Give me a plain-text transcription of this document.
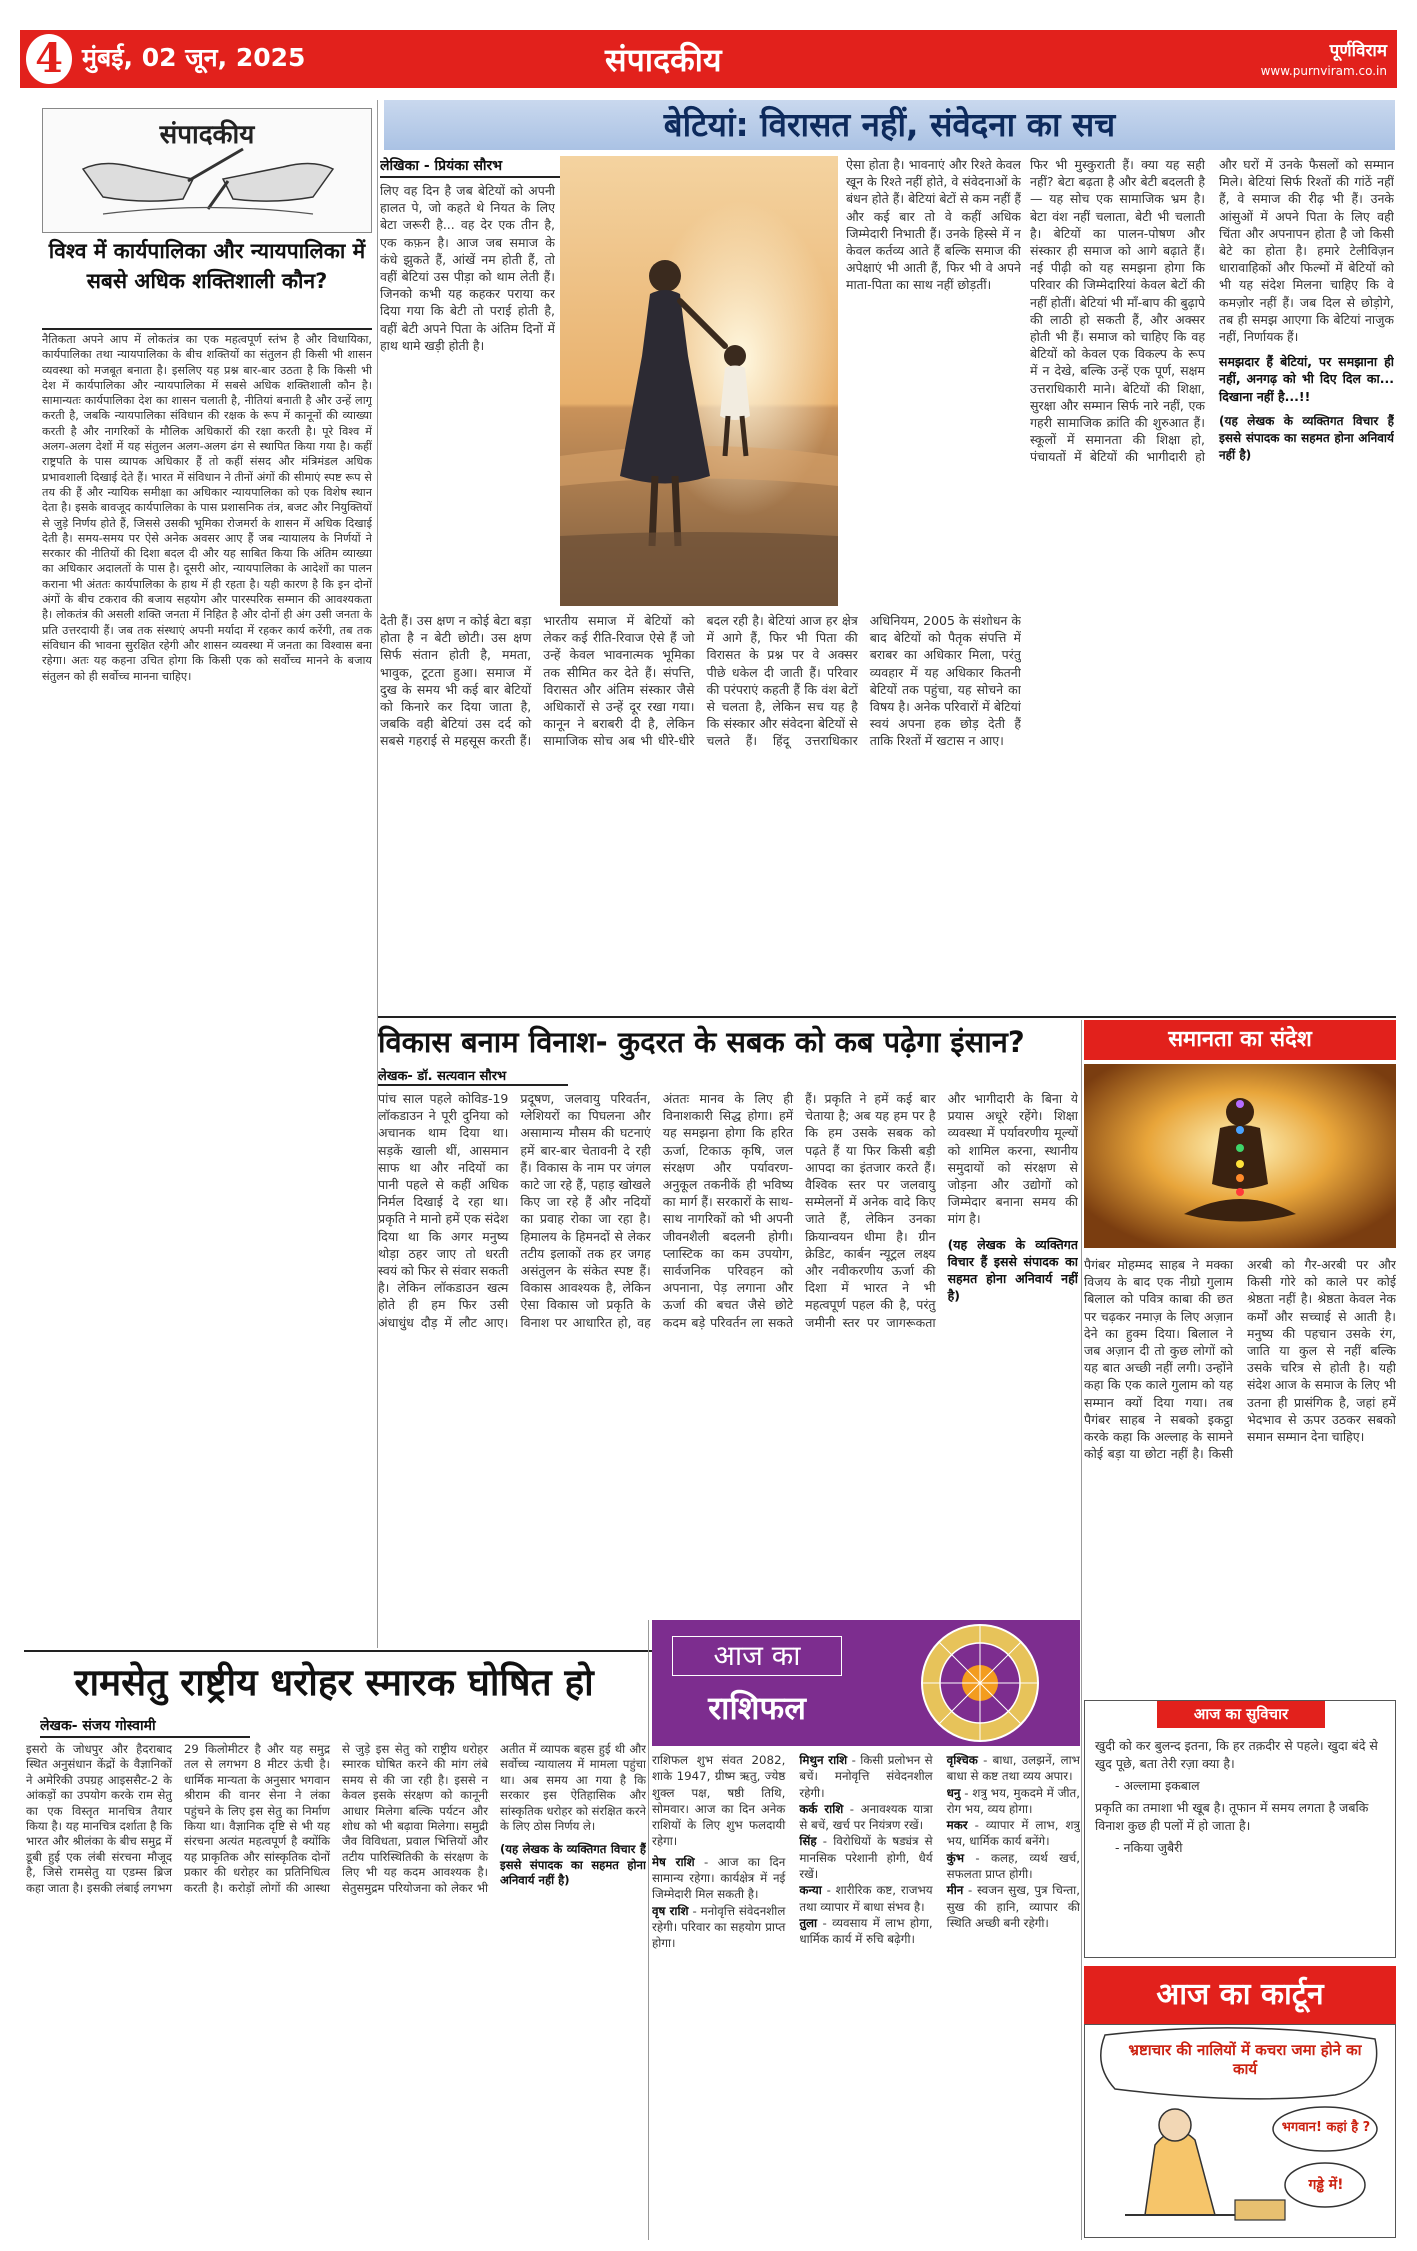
4 मुंबई, 02 जून, 2025	संपादकीय	पूर्णविराम
www.purnviram.co.in
संपादकीय
विश्व में कार्यपालिका और न्यायपालिका में सबसे अधिक शक्तिशाली कौन?
नैतिकता अपने आप में लोकतंत्र का एक महत्वपूर्ण स्तंभ है और विधायिका, कार्यपालिका तथा न्यायपालिका के बीच शक्तियों का संतुलन ही किसी भी शासन व्यवस्था को मजबूत बनाता है। इसलिए यह प्रश्न बार-बार उठता है कि किसी भी देश में कार्यपालिका और न्यायपालिका में सबसे अधिक शक्तिशाली कौन है। सामान्यतः कार्यपालिका देश का शासन चलाती है, नीतियां बनाती है और उन्हें लागू करती है, जबकि न्यायपालिका संविधान की रक्षक के रूप में कानूनों की व्याख्या करती है और नागरिकों के मौलिक अधिकारों की रक्षा करती है। पूरे विश्व में अलग-अलग देशों में यह संतुलन अलग-अलग ढंग से स्थापित किया गया है। कहीं राष्ट्रपति के पास व्यापक अधिकार हैं तो कहीं संसद और मंत्रिमंडल अधिक प्रभावशाली दिखाई देते हैं। भारत में संविधान ने तीनों अंगों की सीमाएं स्पष्ट रूप से तय की हैं और न्यायिक समीक्षा का अधिकार न्यायपालिका को एक विशेष स्थान देता है। इसके बावजूद कार्यपालिका के पास प्रशासनिक तंत्र, बजट और नियुक्तियों से जुड़े निर्णय होते हैं, जिससे उसकी भूमिका रोजमर्रा के शासन में अधिक दिखाई देती है। समय-समय पर ऐसे अनेक अवसर आए हैं जब न्यायालय के निर्णयों ने सरकार की नीतियों की दिशा बदल दी और यह साबित किया कि अंतिम व्याख्या का अधिकार अदालतों के पास है। दूसरी ओर, न्यायपालिका के आदेशों का पालन कराना भी अंततः कार्यपालिका के हाथ में ही रहता है। यही कारण है कि इन दोनों अंगों के बीच टकराव की बजाय सहयोग और पारस्परिक सम्मान की आवश्यकता है। लोकतंत्र की असली शक्ति जनता में निहित है और दोनों ही अंग उसी जनता के प्रति उत्तरदायी हैं। जब तक संस्थाएं अपनी मर्यादा में रहकर कार्य करेंगी, तब तक संविधान की भावना सुरक्षित रहेगी और शासन व्यवस्था में जनता का विश्वास बना रहेगा। अतः यह कहना उचित होगा कि किसी एक को सर्वोच्च मानने के बजाय संतुलन को ही सर्वोच्च मानना चाहिए।
बेटियां: विरासत नहीं, संवेदना का सच
लेखिका - प्रियंका सौरभ
लिए वह दिन है जब बेटियों को अपनी हालत पे, जो कहते थे नियत के लिए बेटा जरूरी है... वह देर एक तीन है, एक कफ़न है। आज जब समाज के कंधे झुकते हैं, आंखें नम होती हैं, तो वहीं बेटियां उस पीड़ा को थाम लेती हैं। जिनको कभी यह कहकर पराया कर दिया गया कि बेटी तो पराई होती है, वहीं बेटी अपने पिता के अंतिम दिनों में हाथ थामे खड़ी होती है।
ऐसा होता है। भावनाएं और रिश्ते केवल खून के रिश्ते नहीं होते, वे संवेदनाओं के बंधन होते हैं। बेटियां बेटों से कम नहीं हैं और कई बार तो वे कहीं अधिक जिम्मेदारी निभाती हैं। उनके हिस्से में न केवल कर्तव्य आते हैं बल्कि समाज की अपेक्षाएं भी आती हैं, फिर भी वे अपने माता-पिता का साथ नहीं छोड़तीं।
देती हैं। उस क्षण न कोई बेटा बड़ा होता है न बेटी छोटी। उस क्षण सिर्फ संतान होती है, ममता, भावुक, टूटता हुआ। समाज में दुख के समय भी कई बार बेटियों को किनारे कर दिया जाता है, जबकि वही बेटियां उस दर्द को सबसे गहराई से महसूस करती हैं। भारतीय समाज में बेटियों को लेकर कई रीति-रिवाज ऐसे हैं जो उन्हें केवल भावनात्मक भूमिका तक सीमित कर देते हैं। संपत्ति, विरासत और अंतिम संस्कार जैसे अधिकारों से उन्हें दूर रखा गया। कानून ने बराबरी दी है, लेकिन सामाजिक सोच अब भी धीरे-धीरे बदल रही है। बेटियां आज हर क्षेत्र में आगे हैं, फिर भी पिता की विरासत के प्रश्न पर वे अक्सर पीछे धकेल दी जाती हैं। परिवार की परंपराएं कहती हैं कि वंश बेटों से चलता है, लेकिन सच यह है कि संस्कार और संवेदना बेटियों से चलते हैं। हिंदू उत्तराधिकार अधिनियम, 2005 के संशोधन के बाद बेटियों को पैतृक संपत्ति में बराबर का अधिकार मिला, परंतु व्यवहार में यह अधिकार कितनी बेटियों तक पहुंचा, यह सोचने का विषय है। अनेक परिवारों में बेटियां स्वयं अपना हक छोड़ देती हैं ताकि रिश्तों में खटास न आए।
फिर भी मुस्कुराती हैं। क्या यह सही नहीं? बेटा बढ़ता है और बेटी बदलती है — यह सोच एक सामाजिक भ्रम है। बेटा वंश नहीं चलाता, बेटी भी चलाती है। बेटियों का पालन-पोषण और संस्कार ही समाज को आगे बढ़ाते हैं। नई पीढ़ी को यह समझना होगा कि परिवार की जिम्मेदारियां केवल बेटों की नहीं होतीं। बेटियां भी माँ-बाप की बुढ़ापे की लाठी हो सकती हैं, और अक्सर होती भी हैं। समाज को चाहिए कि वह बेटियों को केवल एक विकल्प के रूप में न देखे, बल्कि उन्हें एक पूर्ण, सक्षम उत्तराधिकारी माने। बेटियों की शिक्षा, सुरक्षा और सम्मान सिर्फ नारे नहीं, एक गहरी सामाजिक क्रांति की शुरुआत हैं। स्कूलों में समानता की शिक्षा हो, पंचायतों में बेटियों की भागीदारी हो और घरों में उनके फैसलों को सम्मान मिले। बेटियां सिर्फ रिश्तों की गांठें नहीं हैं, वे समाज की रीढ़ भी हैं। उनके आंसुओं में अपने पिता के लिए वही चिंता और अपनापन होता है जो किसी बेटे का होता है। हमारे टेलीविज़न धारावाहिकों और फिल्मों में बेटियों को भी यह संदेश मिलना चाहिए कि वे कमज़ोर नहीं हैं। जब दिल से छोड़ोगे, तब ही समझ आएगा कि बेटियां नाजुक नहीं, निर्णायक हैं।
समझदार हैं बेटियां, पर समझाना ही नहीं, अनगढ़ को भी दिए दिल का... दिखाना नहीं है...!!
(यह लेखक के व्यक्तिगत विचार हैं इससे संपादक का सहमत होना अनिवार्य नहीं है)
विकास बनाम विनाश- कुदरत के सबक को कब पढ़ेगा इंसान?
लेखक- डॉ. सत्यवान सौरभ
पांच साल पहले कोविड-19 लॉकडाउन ने पूरी दुनिया को अचानक थाम दिया था। सड़कें खाली थीं, आसमान साफ था और नदियों का पानी पहले से कहीं अधिक निर्मल दिखाई दे रहा था। प्रकृति ने मानो हमें एक संदेश दिया था कि अगर मनुष्य थोड़ा ठहर जाए तो धरती स्वयं को फिर से संवार सकती है। लेकिन लॉकडाउन खत्म होते ही हम फिर उसी अंधाधुंध दौड़ में लौट आए। प्रदूषण, जलवायु परिवर्तन, ग्लेशियरों का पिघलना और असामान्य मौसम की घटनाएं हमें बार-बार चेतावनी दे रही हैं। विकास के नाम पर जंगल काटे जा रहे हैं, पहाड़ खोखले किए जा रहे हैं और नदियों का प्रवाह रोका जा रहा है। हिमालय के हिमनदों से लेकर तटीय इलाकों तक हर जगह असंतुलन के संकेत स्पष्ट हैं। विकास आवश्यक है, लेकिन ऐसा विकास जो प्रकृति के विनाश पर आधारित हो, वह अंततः मानव के लिए ही विनाशकारी सिद्ध होगा। हमें यह समझना होगा कि हरित ऊर्जा, टिकाऊ कृषि, जल संरक्षण और पर्यावरण-अनुकूल तकनीकें ही भविष्य का मार्ग हैं। सरकारों के साथ-साथ नागरिकों को भी अपनी जीवनशैली बदलनी होगी। प्लास्टिक का कम उपयोग, सार्वजनिक परिवहन को अपनाना, पेड़ लगाना और ऊर्जा की बचत जैसे छोटे कदम बड़े परिवर्तन ला सकते हैं। प्रकृति ने हमें कई बार चेताया है; अब यह हम पर है कि हम उसके सबक को पढ़ते हैं या फिर किसी बड़ी आपदा का इंतजार करते हैं। वैश्विक स्तर पर जलवायु सम्मेलनों में अनेक वादे किए जाते हैं, लेकिन उनका क्रियान्वयन धीमा है। ग्रीन क्रेडिट, कार्बन न्यूट्रल लक्ष्य और नवीकरणीय ऊर्जा की दिशा में भारत ने भी महत्वपूर्ण पहल की है, परंतु जमीनी स्तर पर जागरूकता और भागीदारी के बिना ये प्रयास अधूरे रहेंगे। शिक्षा व्यवस्था में पर्यावरणीय मूल्यों को शामिल करना, स्थानीय समुदायों को संरक्षण से जोड़ना और उद्योगों को जिम्मेदार बनाना समय की मांग है।
(यह लेखक के व्यक्तिगत विचार हैं इससे संपादक का सहमत होना अनिवार्य नहीं है)
समानता का संदेश
पैगंबर मोहम्मद साहब ने मक्का विजय के बाद एक नीग्रो गुलाम बिलाल को पवित्र काबा की छत पर चढ़कर नमाज़ के लिए अज़ान देने का हुक्म दिया। बिलाल ने जब अज़ान दी तो कुछ लोगों को यह बात अच्छी नहीं लगी। उन्होंने कहा कि एक काले गुलाम को यह सम्मान क्यों दिया गया। तब पैगंबर साहब ने सबको इकट्ठा करके कहा कि अल्लाह के सामने कोई बड़ा या छोटा नहीं है। किसी अरबी को गैर-अरबी पर और किसी गोरे को काले पर कोई श्रेष्ठता नहीं है। श्रेष्ठता केवल नेक कर्मों और सच्चाई से आती है। मनुष्य की पहचान उसके रंग, जाति या कुल से नहीं बल्कि उसके चरित्र से होती है। यही संदेश आज के समाज के लिए भी उतना ही प्रासंगिक है, जहां हमें भेदभाव से ऊपर उठकर सबको समान सम्मान देना चाहिए।
आज का सुविचार
खुदी को कर बुलन्द इतना, कि हर तक़दीर से पहले। खुदा बंदे से खुद पूछे, बता तेरी रज़ा क्या है।
- अल्लामा इकबाल
प्रकृति का तमाशा भी खूब है। तूफान में समय लगता है जबकि विनाश कुछ ही पलों में हो जाता है।
- नकिया जुबैरी
आज का कार्टून
भ्रष्टाचार की नालियों में कचरा जमा होने का कार्य
भगवान! कहां है ?
गड्ढे में!
रामसेतु राष्ट्रीय धरोहर स्मारक घोषित हो
लेखक- संजय गोस्वामी
इसरो के जोधपुर और हैदराबाद स्थित अनुसंधान केंद्रों के वैज्ञानिकों ने अमेरिकी उपग्रह आइससैट-2 के आंकड़ों का उपयोग करके राम सेतु का एक विस्तृत मानचित्र तैयार किया है। यह मानचित्र दर्शाता है कि भारत और श्रीलंका के बीच समुद्र में डूबी हुई एक लंबी संरचना मौजूद है, जिसे रामसेतु या एडम्स ब्रिज कहा जाता है। इसकी लंबाई लगभग 29 किलोमीटर है और यह समुद्र तल से लगभग 8 मीटर ऊंची है। धार्मिक मान्यता के अनुसार भगवान श्रीराम की वानर सेना ने लंका पहुंचने के लिए इस सेतु का निर्माण किया था। वैज्ञानिक दृष्टि से भी यह संरचना अत्यंत महत्वपूर्ण है क्योंकि यह प्राकृतिक और सांस्कृतिक दोनों प्रकार की धरोहर का प्रतिनिधित्व करती है। करोड़ों लोगों की आस्था से जुड़े इस सेतु को राष्ट्रीय धरोहर स्मारक घोषित करने की मांग लंबे समय से की जा रही है। इससे न केवल इसके संरक्षण को कानूनी आधार मिलेगा बल्कि पर्यटन और शोध को भी बढ़ावा मिलेगा। समुद्री जैव विविधता, प्रवाल भित्तियों और तटीय पारिस्थितिकी के संरक्षण के लिए भी यह कदम आवश्यक है। सेतुसमुद्रम परियोजना को लेकर भी अतीत में व्यापक बहस हुई थी और सर्वोच्च न्यायालय में मामला पहुंचा था। अब समय आ गया है कि सरकार इस ऐतिहासिक और सांस्कृतिक धरोहर को संरक्षित करने के लिए ठोस निर्णय ले।
(यह लेखक के व्यक्तिगत विचार हैं इससे संपादक का सहमत होना अनिवार्य नहीं है)
आज का
राशिफल
राशिफल शुभ संवत 2082, शाके 1947, ग्रीष्म ऋतु, ज्येष्ठ शुक्ल पक्ष, षष्ठी तिथि, सोमवार। आज का दिन अनेक राशियों के लिए शुभ फलदायी रहेगा।
मेष राशि - आज का दिन सामान्य रहेगा। कार्यक्षेत्र में नई जिम्मेदारी मिल सकती है।
वृष राशि - मनोवृत्ति संवेदनशील रहेगी। परिवार का सहयोग प्राप्त होगा।
मिथुन राशि - किसी प्रलोभन से बचें। मनोवृत्ति संवेदनशील रहेगी।
कर्क राशि - अनावश्यक यात्रा से बचें, खर्च पर नियंत्रण रखें।
सिंह - विरोधियों के षड्यंत्र से मानसिक परेशानी होगी, धैर्य रखें।
कन्या - शारीरिक कष्ट, राजभय तथा व्यापार में बाधा संभव है।
तुला - व्यवसाय में लाभ होगा, धार्मिक कार्य में रुचि बढ़ेगी।
वृश्चिक - बाधा, उलझनें, लाभ बाधा से कष्ट तथा व्यय अपार।
धनु - शत्रु भय, मुकदमे में जीत, रोग भय, व्यय होगा।
मकर - व्यापार में लाभ, शत्रु भय, धार्मिक कार्य बनेंगे।
कुंभ - कलह, व्यर्थ खर्च, सफलता प्राप्त होगी।
मीन - स्वजन सुख, पुत्र चिन्ता, सुख की हानि, व्यापार की स्थिति अच्छी बनी रहेगी।
